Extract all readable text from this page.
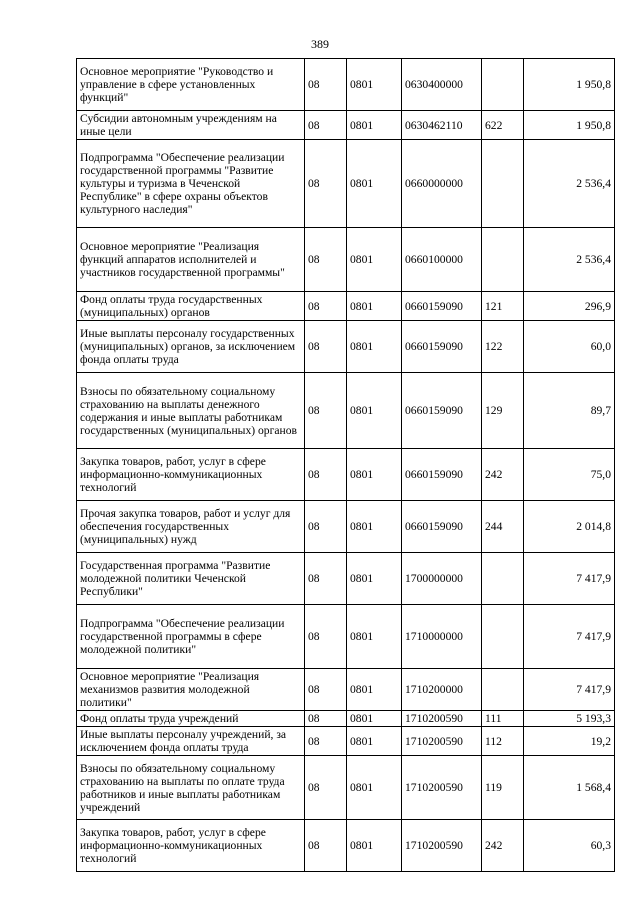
389
Основное мероприятие "Руководство и управление в сфере установленных функций"	08	0801	0630400000		1 950,8
Субсидии автономным учреждениям на иные цели	08	0801	0630462110	622	1 950,8
Подпрограмма "Обеспечение реализации государственной программы "Развитие культуры и туризма в Чеченской Республике" в сфере охраны объектов культурного наследия"	08	0801	0660000000		2 536,4
Основное мероприятие "Реализация функций аппаратов исполнителей и участников государственной программы"	08	0801	0660100000		2 536,4
Фонд оплаты труда государственных (муниципальных) органов	08	0801	0660159090	121	296,9
Иные выплаты персоналу государственных (муниципальных) органов, за исключением фонда оплаты труда	08	0801	0660159090	122	60,0
Взносы по обязательному социальному страхованию на выплаты денежного содержания и иные выплаты работникам государственных (муниципальных) органов	08	0801	0660159090	129	89,7
Закупка товаров, работ, услуг в сфере информационно-коммуникационных технологий	08	0801	0660159090	242	75,0
Прочая закупка товаров, работ и услуг для обеспечения государственных (муниципальных) нужд	08	0801	0660159090	244	2 014,8
Государственная программа "Развитие молодежной политики Чеченской Республики"	08	0801	1700000000		7 417,9
Подпрограмма "Обеспечение реализации государственной программы в сфере молодежной политики"	08	0801	1710000000		7 417,9
Основное мероприятие "Реализация механизмов развития молодежной политики"	08	0801	1710200000		7 417,9
Фонд оплаты труда учреждений	08	0801	1710200590	111	5 193,3
Иные выплаты персоналу учреждений, за исключением фонда оплаты труда	08	0801	1710200590	112	19,2
Взносы по обязательному социальному страхованию на выплаты по оплате труда работников и иные выплаты работникам учреждений	08	0801	1710200590	119	1 568,4
Закупка товаров, работ, услуг в сфере информационно-коммуникационных технологий	08	0801	1710200590	242	60,3
